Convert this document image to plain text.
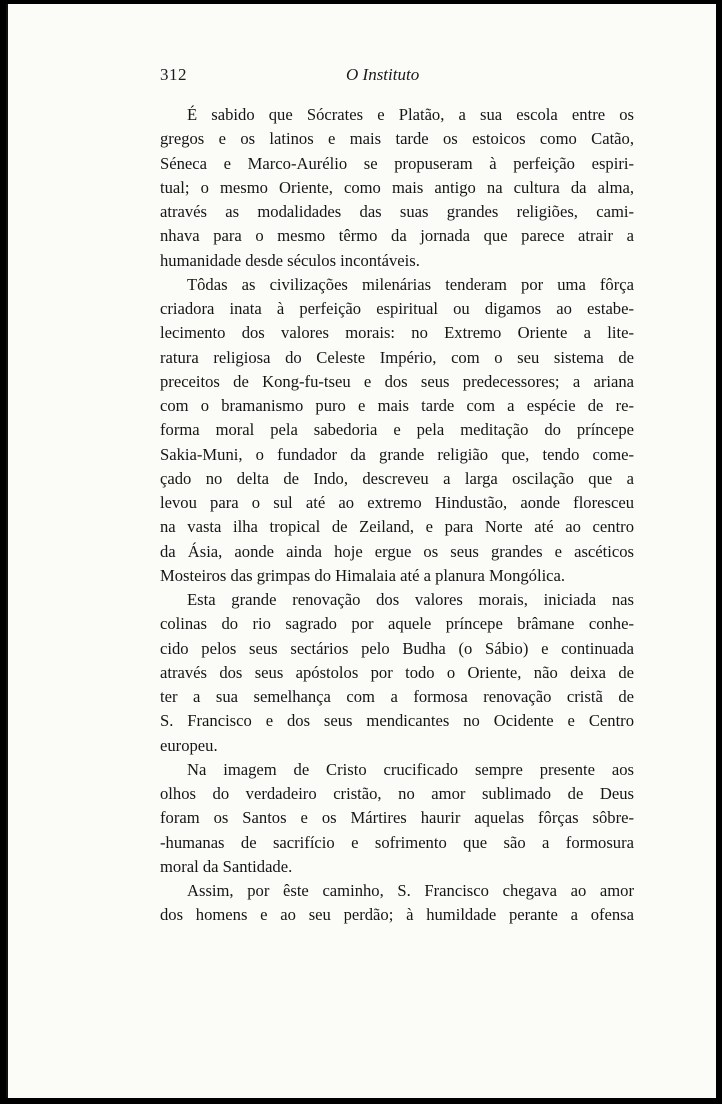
312	O Instituto
É sabido que Sócrates e Platão, a sua escola entre os
gregos e os latinos e mais tarde os estoicos como Catão,
Séneca e Marco-Aurélio se propuseram à perfeição espiri-
tual; o mesmo Oriente, como mais antigo na cultura da alma,
através as modalidades das suas grandes religiões, cami-
nhava para o mesmo têrmo da jornada que parece atrair a
humanidade desde séculos incontáveis.
Tôdas as civilizações milenárias tenderam por uma fôrça
criadora inata à perfeição espiritual ou digamos ao estabe-
lecimento dos valores morais: no Extremo Oriente a lite-
ratura religiosa do Celeste Império, com o seu sistema de
preceitos de Kong-fu-tseu e dos seus predecessores; a ariana
com o bramanismo puro e mais tarde com a espécie de re-
forma moral pela sabedoria e pela meditação do príncepe
Sakia-Muni, o fundador da grande religião que, tendo come-
çado no delta de Indo, descreveu a larga oscilação que a
levou para o sul até ao extremo Hindustão, aonde floresceu
na vasta ilha tropical de Zeiland, e para Norte até ao centro
da Ásia, aonde ainda hoje ergue os seus grandes e ascéticos
Mosteiros das grimpas do Himalaia até a planura Mongólica.
Esta grande renovação dos valores morais, iniciada nas
colinas do rio sagrado por aquele príncepe brâmane conhe-
cido pelos seus sectários pelo Budha (o Sábio) e continuada
através dos seus apóstolos por todo o Oriente, não deixa de
ter a sua semelhança com a formosa renovação cristã de
S. Francisco e dos seus mendicantes no Ocidente e Centro
europeu.
Na imagem de Cristo crucificado sempre presente aos
olhos do verdadeiro cristão, no amor sublimado de Deus
foram os Santos e os Mártires haurir aquelas fôrças sôbre-
-humanas de sacrifício e sofrimento que são a formosura
moral da Santidade.
Assim, por êste caminho, S. Francisco chegava ao amor
dos homens e ao seu perdão; à humildade perante a ofensa
